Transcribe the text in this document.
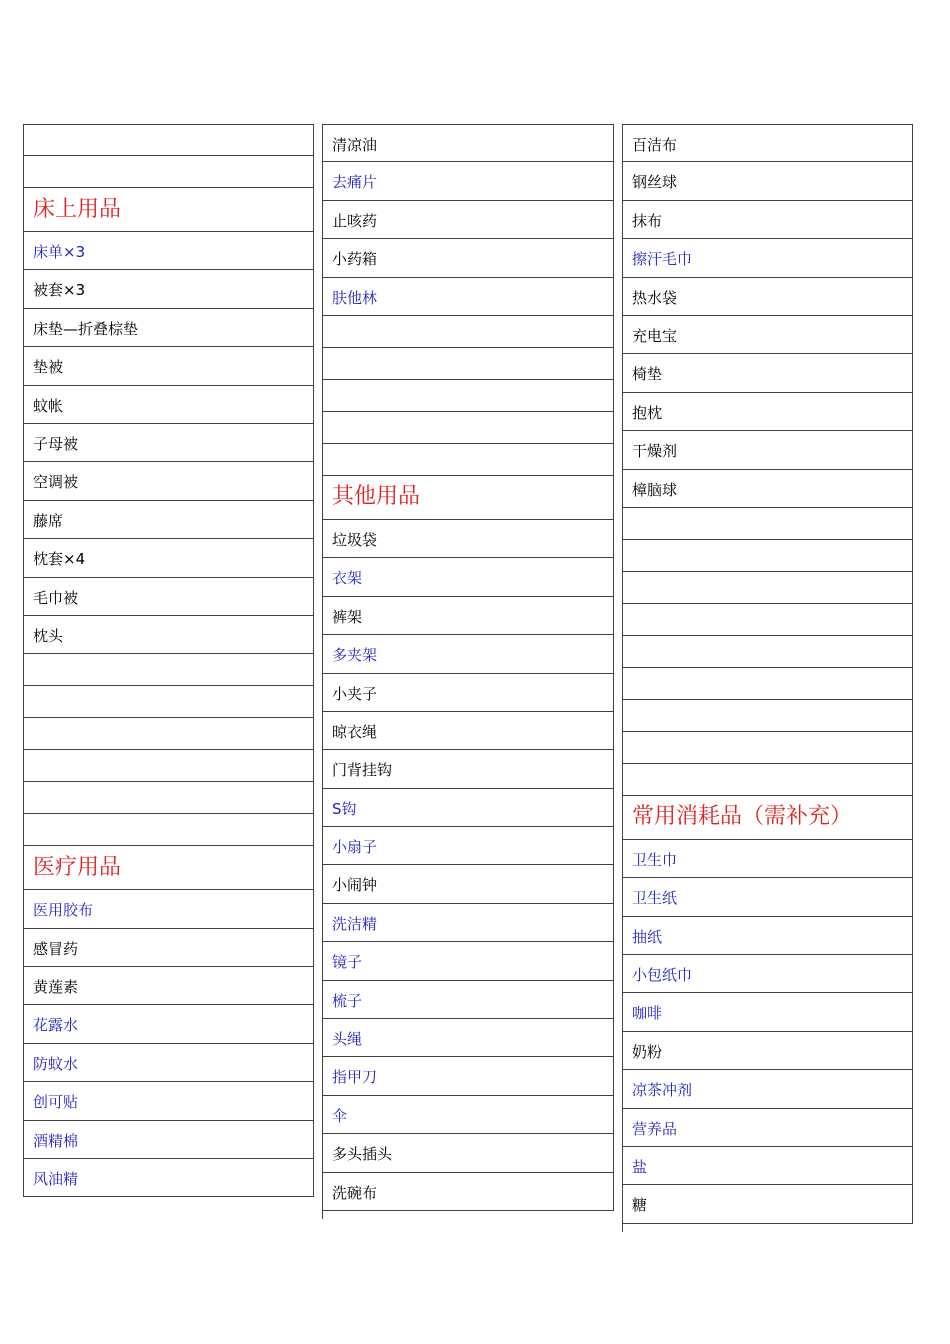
床上用品
床单×3
被套×3
床垫—折叠棕垫
垫被
蚊帐
子母被
空调被
藤席
枕套×4
毛巾被
枕头
医疗用品
医用胶布
感冒药
黄莲素
花露水
防蚊水
创可贴
酒精棉
风油精
清凉油
去痛片
止咳药
小药箱
肤他林
其他用品
垃圾袋
衣架
裤架
多夹架
小夹子
晾衣绳
门背挂钩
S钩
小扇子
小闹钟
洗洁精
镜子
梳子
头绳
指甲刀
伞
多头插头
洗碗布
百洁布
钢丝球
抹布
擦汗毛巾
热水袋
充电宝
椅垫
抱枕
干燥剂
樟脑球
常用消耗品（需补充）
卫生巾
卫生纸
抽纸
小包纸巾
咖啡
奶粉
凉茶冲剂
营养品
盐
糖
